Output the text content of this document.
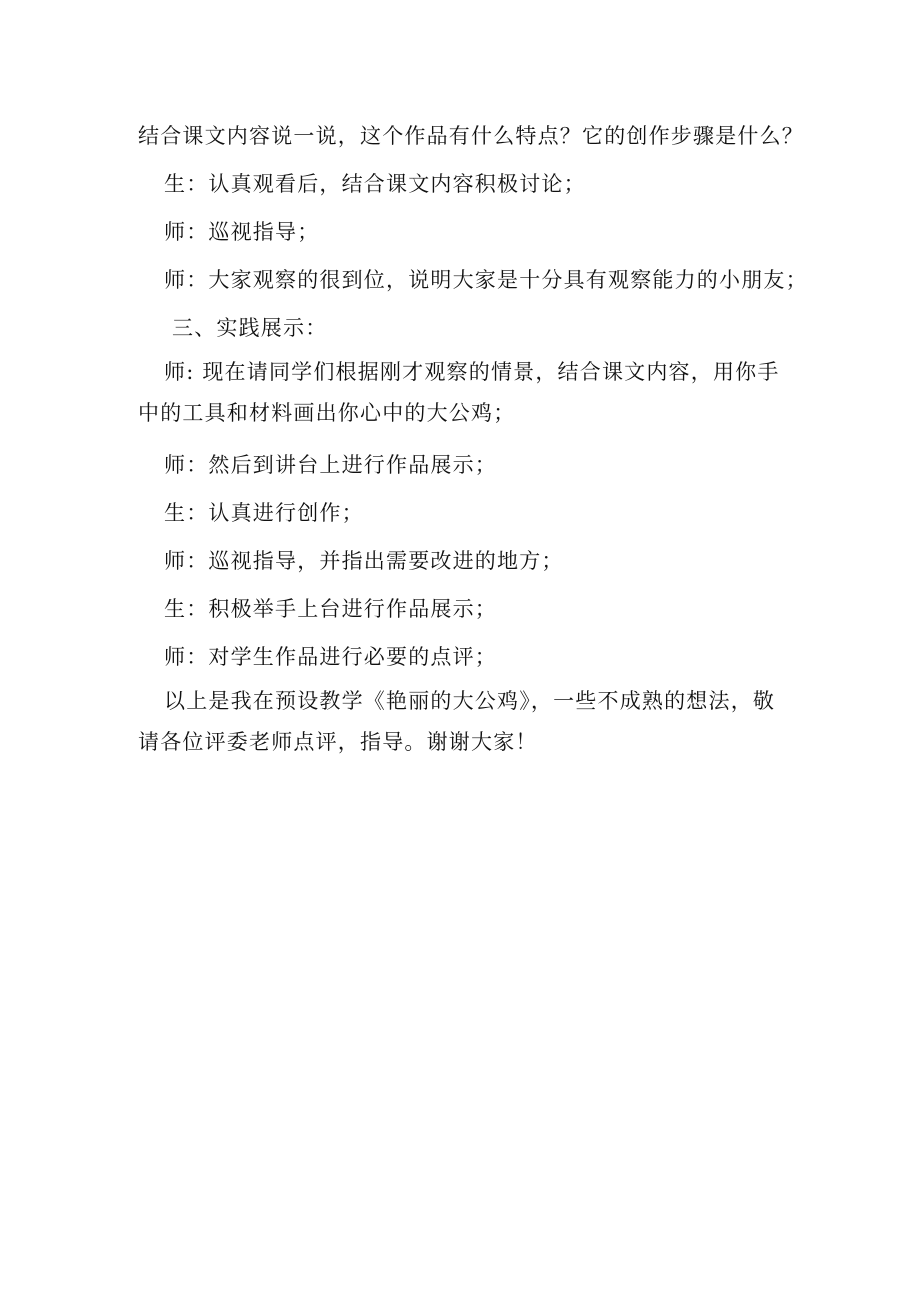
结合课文内容说一说，这个作品有什么特点？它的创作步骤是什么？

生：认真观看后，结合课文内容积极讨论；

师：巡视指导；

师：大家观察的很到位，说明大家是十分具有观察能力的小朋友；

三、实践展示：

师: 现在请同学们根据刚才观察的情景，结合课文内容，用你手中的工具和材料画出你心中的大公鸡；

师：然后到讲台上进行作品展示；

生：认真进行创作；

师：巡视指导，并指出需要改进的地方；

生：积极举手上台进行作品展示；

师：对学生作品进行必要的点评；

以上是我在预设教学《艳丽的大公鸡》，一些不成熟的想法，敬请各位评委老师点评，指导。谢谢大家！
